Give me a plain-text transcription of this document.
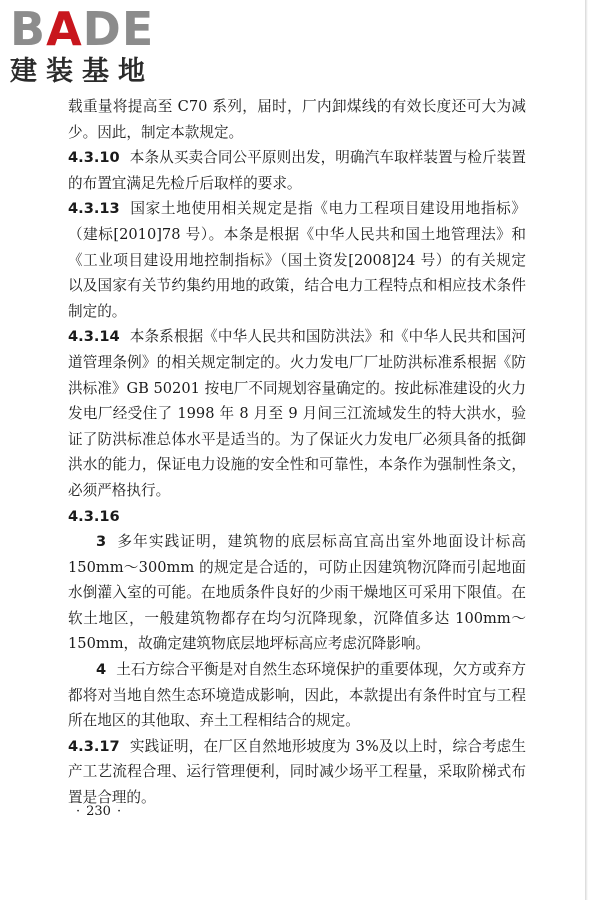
BADE
建装基地

载重量将提高至 C70 系列，届时，厂内卸煤线的有效长度还可大为减少。因此，制定本款规定。

4.3.10 本条从买卖合同公平原则出发，明确汽车取样装置与检斤装置的布置宜满足先检斤后取样的要求。

4.3.13 国家土地使用相关规定是指《电力工程项目建设用地指标》（建标[2010]78 号）。本条是根据《中华人民共和国土地管理法》和《工业项目建设用地控制指标》（国土资发[2008]24 号）的有关规定以及国家有关节约集约用地的政策，结合电力工程特点和相应技术条件制定的。

4.3.14 本条系根据《中华人民共和国防洪法》和《中华人民共和国河道管理条例》的相关规定制定的。火力发电厂厂址防洪标准系根据《防洪标准》GB 50201 按电厂不同规划容量确定的。按此标准建设的火力发电厂经受住了 1998 年 8 月至 9 月间三江流域发生的特大洪水，验证了防洪标准总体水平是适当的。为了保证火力发电厂必须具备的抵御洪水的能力，保证电力设施的安全性和可靠性，本条作为强制性条文，必须严格执行。

4.3.16

3 多年实践证明，建筑物的底层标高宜高出室外地面设计标高 150mm～300mm 的规定是合适的，可防止因建筑物沉降而引起地面水倒灌入室的可能。在地质条件良好的少雨干燥地区可采用下限值。在软土地区，一般建筑物都存在均匀沉降现象，沉降值多达 100mm～150mm，故确定建筑物底层地坪标高应考虑沉降影响。

4 土石方综合平衡是对自然生态环境保护的重要体现，欠方或弃方都将对当地自然生态环境造成影响，因此，本款提出有条件时宜与工程所在地区的其他取、弃土工程相结合的规定。

4.3.17 实践证明，在厂区自然地形坡度为 3%及以上时，综合考虑生产工艺流程合理、运行管理便利，同时减少场平工程量，采取阶梯式布置是合理的。

· 230 ·
